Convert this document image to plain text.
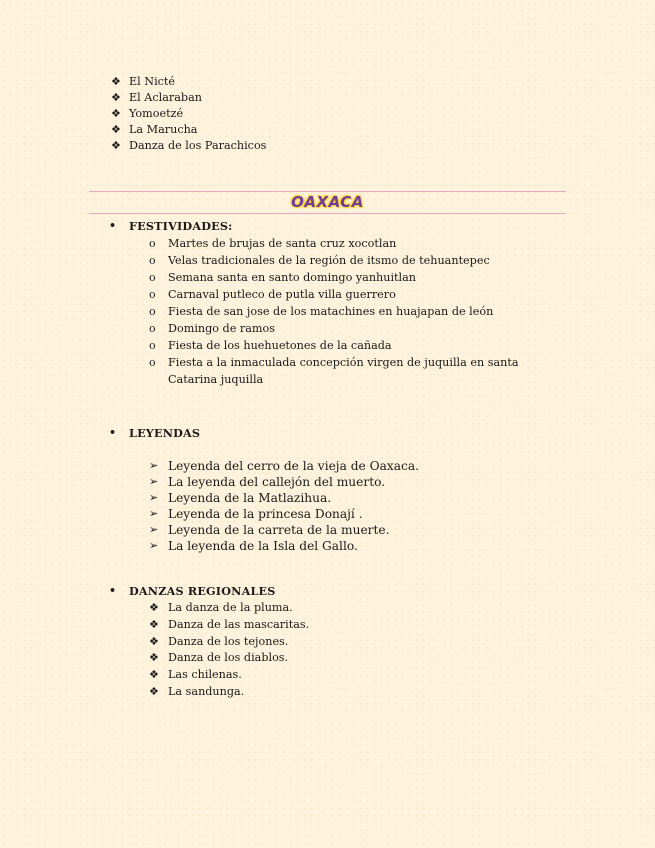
❖ El Nicté
❖ El Aclaraban
❖ Yomoetzé
❖ La Marucha
❖ Danza de los Parachicos
OAXACA
• FESTIVIDADES:
o Martes de brujas de santa cruz xocotlan
o Velas tradicionales de la región de itsmo de tehuantepec
o Semana santa en santo domingo yanhuitlan
o Carnaval putleco de putla villa guerrero
o Fiesta de san jose de los matachines en huajapan de león
o Domingo de ramos
o Fiesta de los huehuetones de la cañada
o Fiesta a la inmaculada concepción virgen de juquilla en santa Catarina juquilla
• LEYENDAS
➢ Leyenda del cerro de la vieja de Oaxaca.
➢ La leyenda del callejón del muerto.
➢ Leyenda de la Matlazihua.
➢ Leyenda de la princesa Donají .
➢ Leyenda de la carreta de la muerte.
➢ La leyenda de la Isla del Gallo.
• DANZAS REGIONALES
❖ La danza de la pluma.
❖ Danza de las mascaritas.
❖ Danza de los tejones.
❖ Danza de los diablos.
❖ Las chilenas.
❖ La sandunga.
